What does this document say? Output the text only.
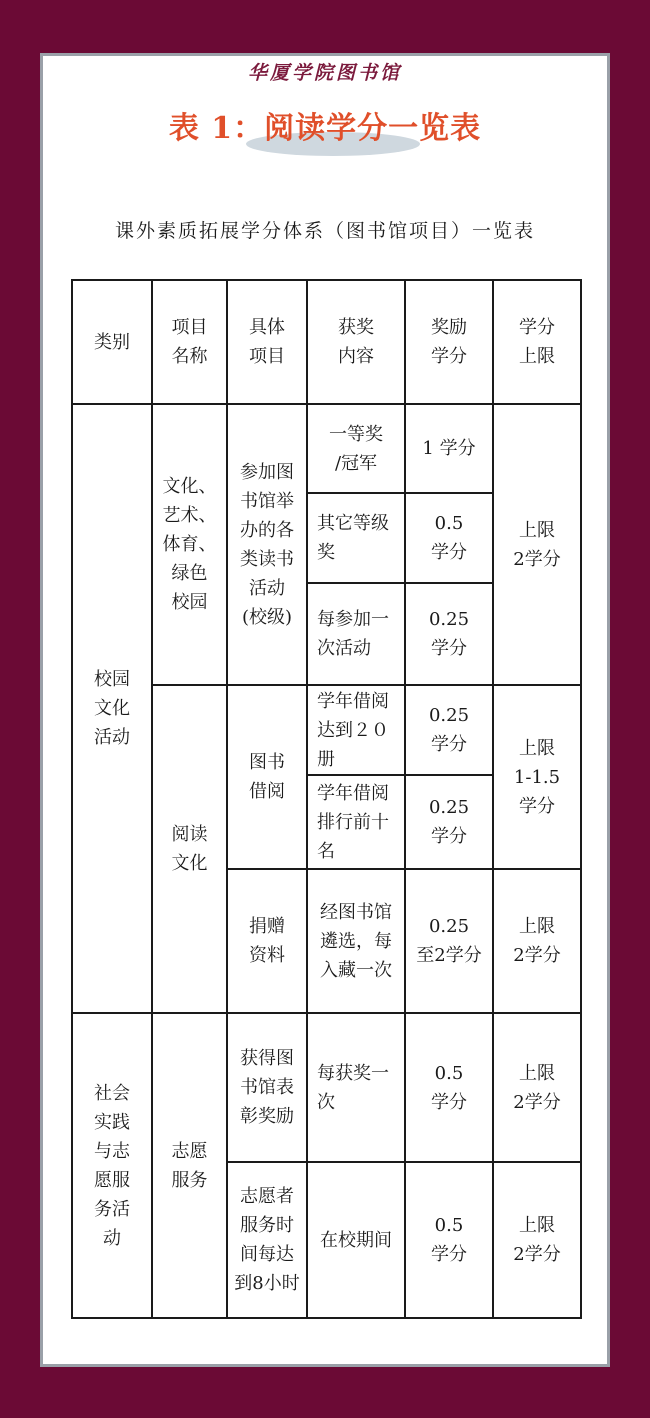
华厦学院图书馆
表 1：阅读学分一览表
课外素质拓展学分体系（图书馆项目）一览表
类别
项目
名称
具体
项目
获奖
内容
奖励
学分
学分
上限
校园
文化
活动
文化、
艺术、
体育、
绿色
校园
参加图
书馆举
办的各
类读书
活动
(校级)
一等奖
/冠军
1 学分
其它等级
奖
0.5
学分
每参加一
次活动
0.25
学分
上限
2学分
阅读
文化
图书
借阅
学年借阅
达到２０
册
0.25
学分
学年借阅
排行前十
名
0.25
学分
上限
1-1.5
学分
捐赠
资料
经图书馆
遴选，每
入藏一次
0.25
至2学分
上限
2学分
社会
实践
与志
愿服
务活
动
志愿
服务
获得图
书馆表
彰奖励
每获奖一
次
0.5
学分
上限
2学分
志愿者
服务时
间每达
到8小时
在校期间
0.5
学分
上限
2学分
